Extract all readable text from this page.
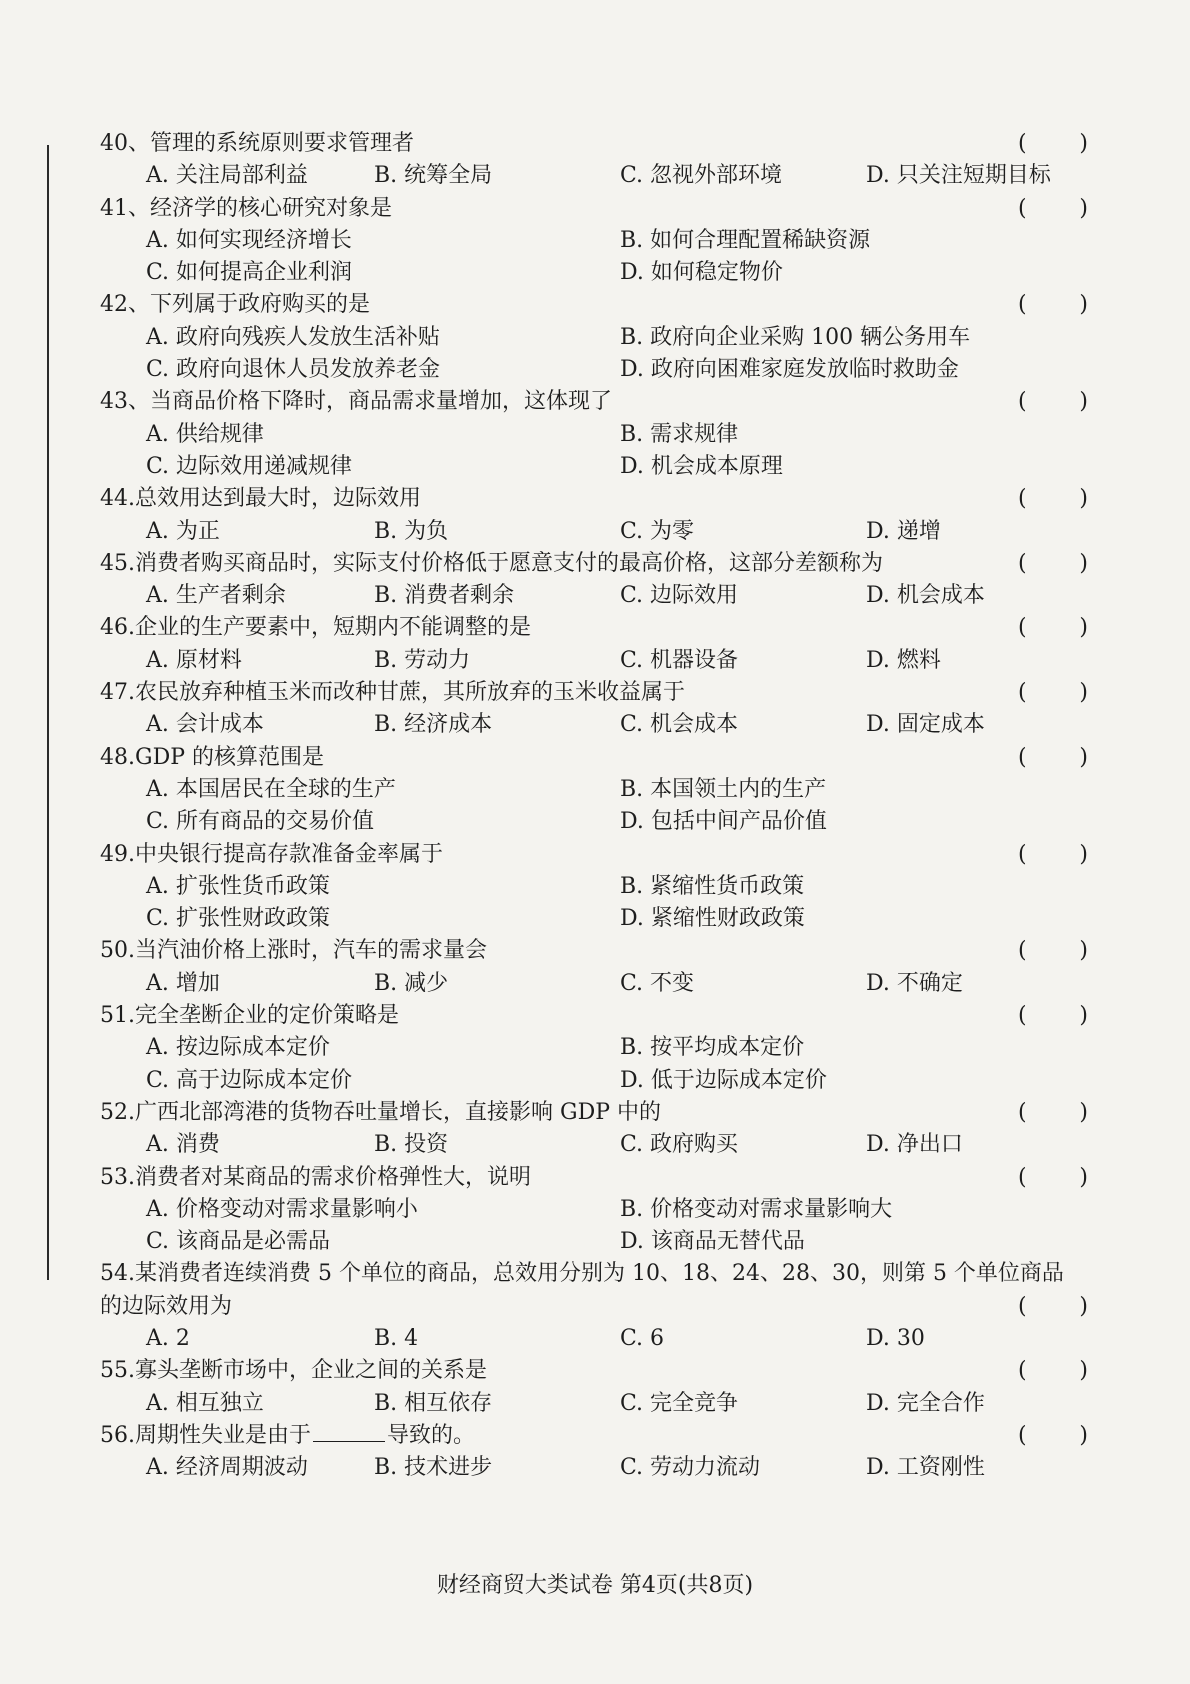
40、管理的系统原则要求管理者	( )
A. 关注局部利益	B. 统筹全局	C. 忽视外部环境	D. 只关注短期目标
41、经济学的核心研究对象是	( )
A. 如何实现经济增长	B. 如何合理配置稀缺资源
C. 如何提高企业利润	D. 如何稳定物价
42、下列属于政府购买的是	( )
A. 政府向残疾人发放生活补贴	B. 政府向企业采购 100 辆公务用车
C. 政府向退休人员发放养老金	D. 政府向困难家庭发放临时救助金
43、当商品价格下降时，商品需求量增加，这体现了	( )
A. 供给规律	B. 需求规律
C. 边际效用递减规律	D. 机会成本原理
44.总效用达到最大时，边际效用	( )
A. 为正	B. 为负	C. 为零	D. 递增
45.消费者购买商品时，实际支付价格低于愿意支付的最高价格，这部分差额称为	( )
A. 生产者剩余	B. 消费者剩余	C. 边际效用	D. 机会成本
46.企业的生产要素中，短期内不能调整的是	( )
A. 原材料	B. 劳动力	C. 机器设备	D. 燃料
47.农民放弃种植玉米而改种甘蔗，其所放弃的玉米收益属于	( )
A. 会计成本	B. 经济成本	C. 机会成本	D. 固定成本
48.GDP 的核算范围是	( )
A. 本国居民在全球的生产	B. 本国领土内的生产
C. 所有商品的交易价值	D. 包括中间产品价值
49.中央银行提高存款准备金率属于	( )
A. 扩张性货币政策	B. 紧缩性货币政策
C. 扩张性财政政策	D. 紧缩性财政政策
50.当汽油价格上涨时，汽车的需求量会	( )
A. 增加	B. 减少	C. 不变	D. 不确定
51.完全垄断企业的定价策略是	( )
A. 按边际成本定价	B. 按平均成本定价
C. 高于边际成本定价	D. 低于边际成本定价
52.广西北部湾港的货物吞吐量增长，直接影响 GDP 中的	( )
A. 消费	B. 投资	C. 政府购买	D. 净出口
53.消费者对某商品的需求价格弹性大，说明	( )
A. 价格变动对需求量影响小	B. 价格变动对需求量影响大
C. 该商品是必需品	D. 该商品无替代品
54.某消费者连续消费 5 个单位的商品，总效用分别为 10、18、24、28、30，则第 5 个单位商品
的边际效用为	( )
A. 2	B. 4	C. 6	D. 30
55.寡头垄断市场中，企业之间的关系是	( )
A. 相互独立	B. 相互依存	C. 完全竞争	D. 完全合作
56.周期性失业是由于	导致的。	( )
A. 经济周期波动	B. 技术进步	C. 劳动力流动	D. 工资刚性
财经商贸大类试卷 第4页(共8页)
